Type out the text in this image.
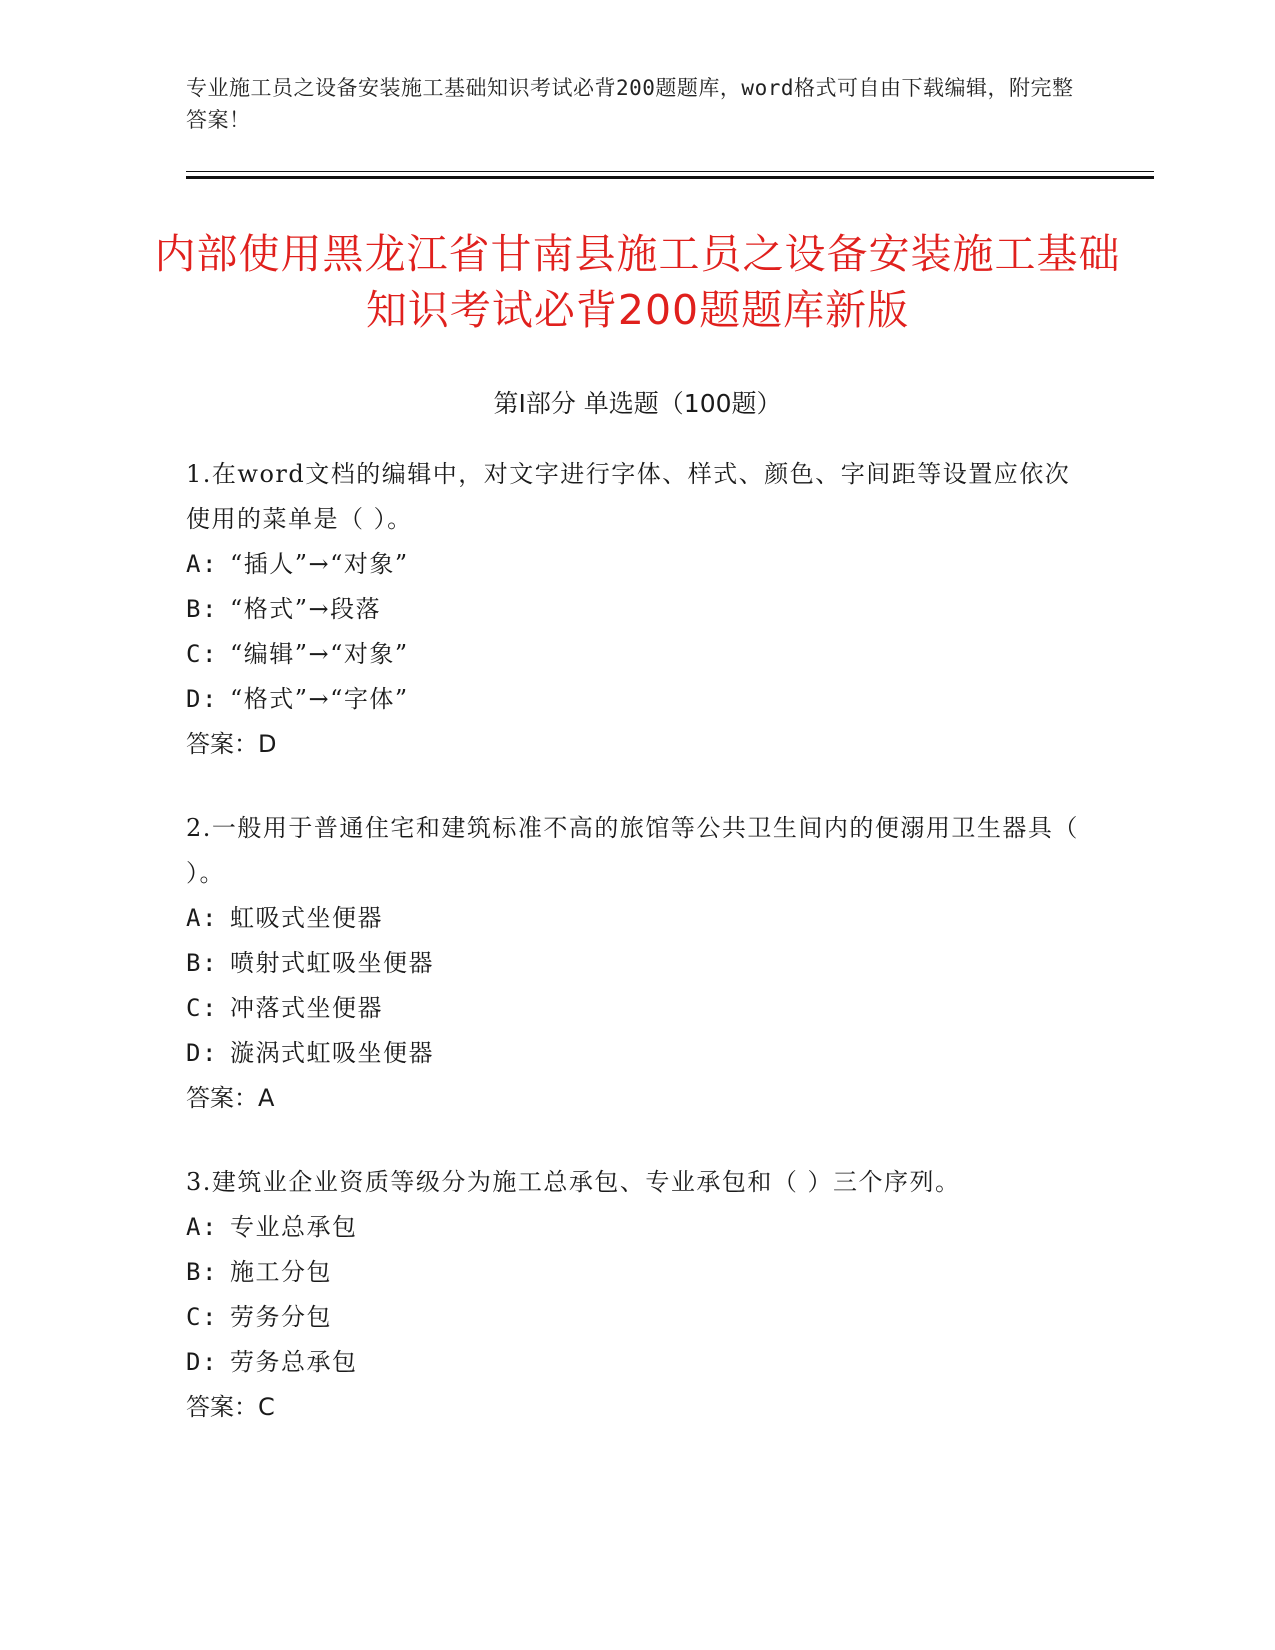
专业施工员之设备安装施工基础知识考试必背200题题库，word格式可自由下载编辑，附完整答案！
内部使用黑龙江省甘南县施工员之设备安装施工基础知识考试必背200题题库新版
第Ⅰ部分 单选题（100题）
1.在word文档的编辑中，对文字进行字体、样式、颜色、字间距等设置应依次使用的菜单是（ ）。
A: “插人”→“对象”
B: “格式”→段落
C: “编辑”→“对象”
D: “格式”→“字体”
答案：D
2.一般用于普通住宅和建筑标准不高的旅馆等公共卫生间内的便溺用卫生器具（ ）。
A: 虹吸式坐便器
B: 喷射式虹吸坐便器
C: 冲落式坐便器
D: 漩涡式虹吸坐便器
答案：A
3.建筑业企业资质等级分为施工总承包、专业承包和（ ）三个序列。
A: 专业总承包
B: 施工分包
C: 劳务分包
D: 劳务总承包
答案：C
